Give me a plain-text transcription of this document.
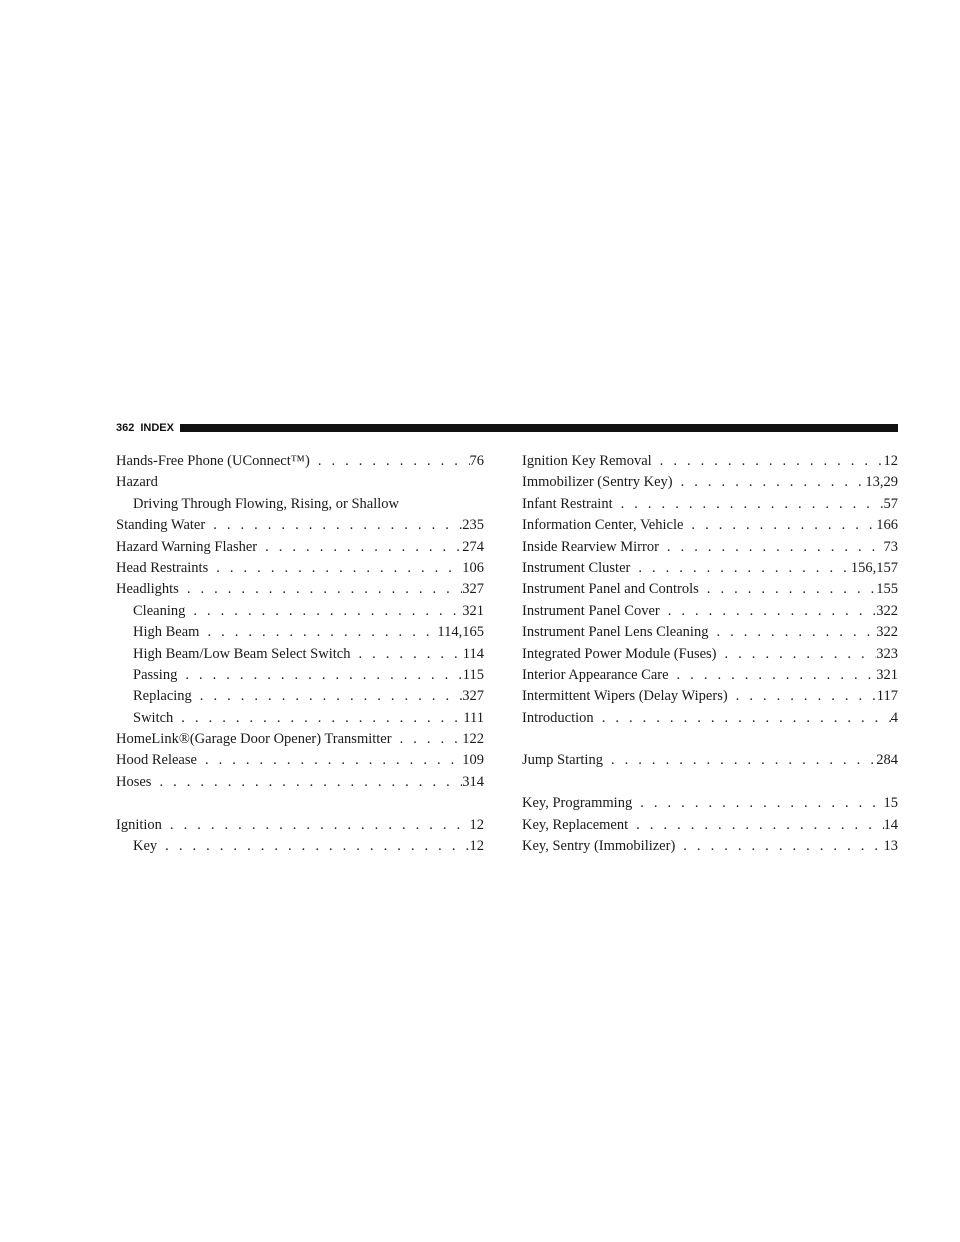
362 INDEX
Hands-Free Phone (UConnect™) . . .	76
Hazard
Driving Through Flowing, Rising, or Shallow
Standing Water . . .	235
Hazard Warning Flasher . . .	274
Head Restraints . . .	106
Headlights . . .	327
Cleaning . . .	321
High Beam . . .	114,165
High Beam/Low Beam Select Switch . . .	114
Passing . . .	115
Replacing . . .	327
Switch . . .	111
HomeLink®(Garage Door Opener) Transmitter . . .	122
Hood Release . . .	109
Hoses . . .	314
Ignition . . .	12
Key . . .	12
Ignition Key Removal . . .	12
Immobilizer (Sentry Key) . . .	13,29
Infant Restraint . . .	57
Information Center, Vehicle . . .	166
Inside Rearview Mirror . . .	73
Instrument Cluster . . .	156,157
Instrument Panel and Controls . . .	155
Instrument Panel Cover . . .	322
Instrument Panel Lens Cleaning . . .	322
Integrated Power Module (Fuses) . . .	323
Interior Appearance Care . . .	321
Intermittent Wipers (Delay Wipers) . . .	117
Introduction . . .	4
Jump Starting . . .	284
Key, Programming . . .	15
Key, Replacement . . .	14
Key, Sentry (Immobilizer) . . .	13
